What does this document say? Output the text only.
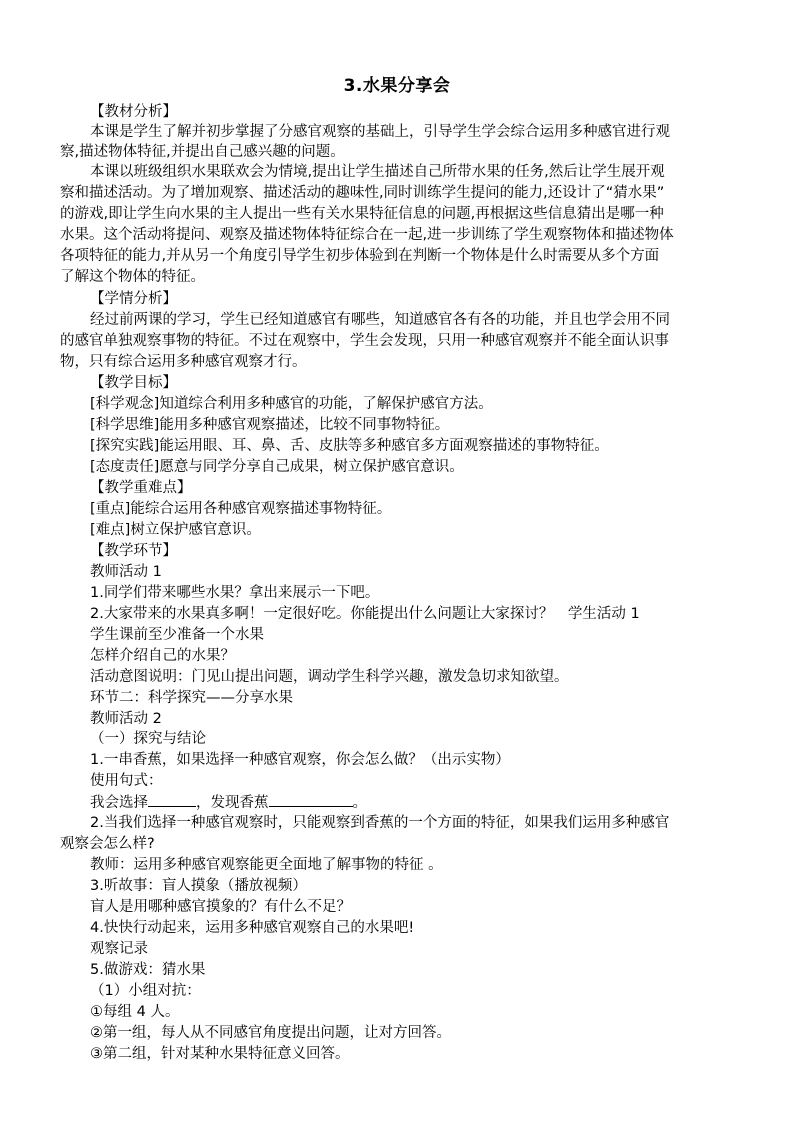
3.水果分享会
【教材分析】
本课是学生了解并初步掌握了分感官观察的基础上，引导学生学会综合运用多种感官进行观
察,描述物体特征,并提出自己感兴趣的问题。
本课以班级组织水果联欢会为情境,提出让学生描述自己所带水果的任务,然后让学生展开观
察和描述活动。为了增加观察、描述活动的趣味性,同时训练学生提问的能力,还设计了“猜水果”
的游戏,即让学生向水果的主人提出一些有关水果特征信息的问题,再根据这些信息猜出是哪一种
水果。这个活动将提问、观察及描述物体特征综合在一起,进一步训练了学生观察物体和描述物体
各项特征的能力,并从另一个角度引导学生初步体验到在判断一个物体是什么时需要从多个方面
了解这个物体的特征。
【学情分析】
经过前两课的学习，学生已经知道感官有哪些，知道感官各有各的功能，并且也学会用不同
的感官单独观察事物的特征。不过在观察中，学生会发现，只用一种感官观察并不能全面认识事
物，只有综合运用多种感官观察才行。
【教学目标】
[科学观念]知道综合利用多种感官的功能，了解保护感官方法。
[科学思维]能用多种感官观察描述，比较不同事物特征。
[探究实践]能运用眼、耳、鼻、舌、皮肤等多种感官多方面观察描述的事物特征。
[态度责任]愿意与同学分享自己成果，树立保护感官意识。
【教学重难点】
[重点]能综合运用各种感官观察描述事物特征。
[难点]树立保护感官意识。
【教学环节】
教师活动 1
1.同学们带来哪些水果？拿出来展示一下吧。
2.大家带来的水果真多啊！一定很好吃。你能提出什么问题让大家探讨？　学生活动 1
学生课前至少准备一个水果
怎样介绍自己的水果？
活动意图说明：门见山提出问题，调动学生科学兴趣，激发急切求知欲望。
环节二：科学探究——分享水果
教师活动 2
（一）探究与结论
1.一串香蕉，如果选择一种感官观察，你会怎么做？（出示实物）
使用句式：
我会选择	，发现香蕉	。
2.当我们选择一种感官观察时，只能观察到香蕉的一个方面的特征，如果我们运用多种感官
观察会怎么样?
教师：运用多种感官观察能更全面地了解事物的特征 。
3.听故事：盲人摸象（播放视频）
盲人是用哪种感官摸象的？有什么不足？
4.快快行动起来，运用多种感官观察自己的水果吧!
观察记录
5.做游戏：猜水果
（1）小组对抗：
①每组 4 人。
②第一组，每人从不同感官角度提出问题，让对方回答。
③第二组，针对某种水果特征意义回答。
